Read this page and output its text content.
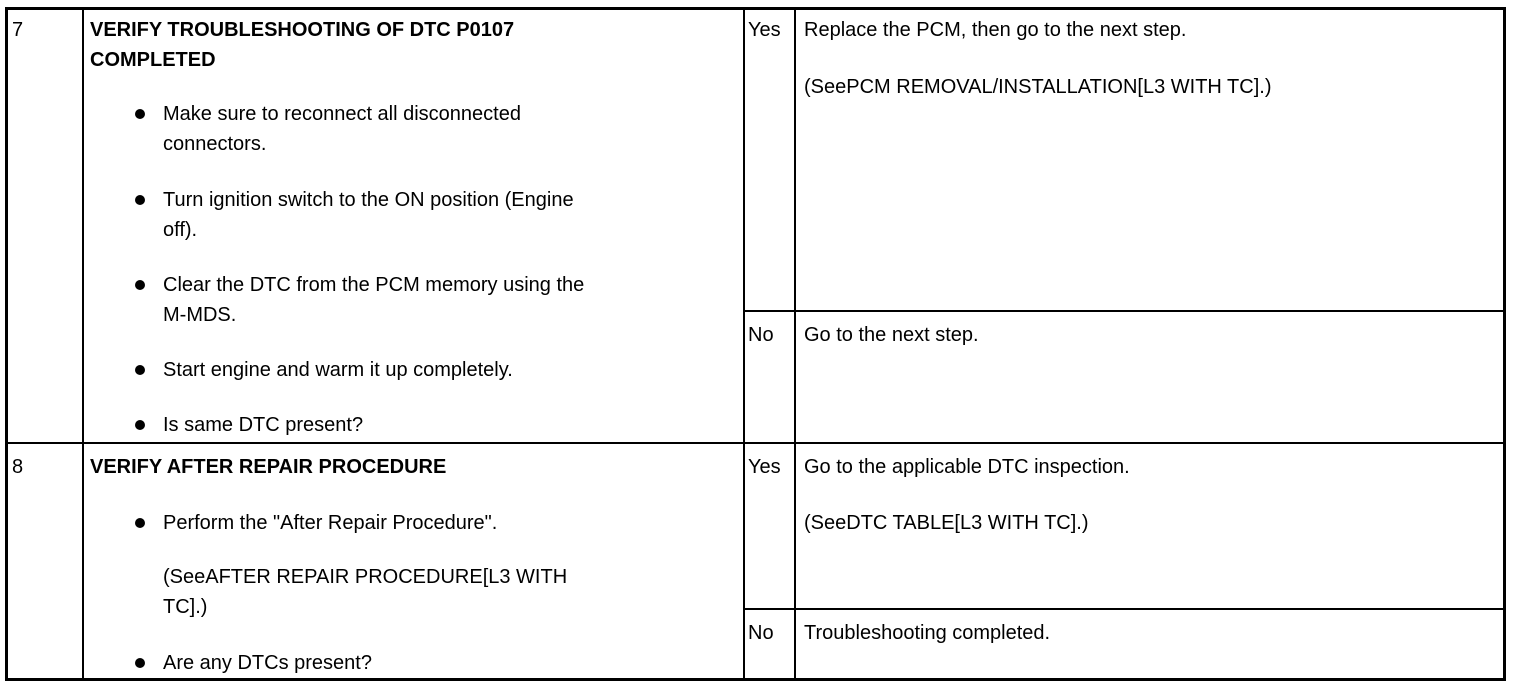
7	VERIFY TROUBLESHOOTING OF DTC P0107
COMPLETED
Make sure to reconnect all disconnected
connectors.
Turn ignition switch to the ON position (Engine
off).
Clear the DTC from the PCM memory using the
M-MDS.
Start engine and warm it up completely.
Is same DTC present?
Yes Replace the PCM, then go to the next step.
(SeePCM REMOVAL/INSTALLATION[L3 WITH TC].)
No Go to the next step.
8	VERIFY AFTER REPAIR PROCEDURE
Perform the "After Repair Procedure".
(SeeAFTER REPAIR PROCEDURE[L3 WITH
TC].)
Are any DTCs present?
Yes Go to the applicable DTC inspection.
(SeeDTC TABLE[L3 WITH TC].)
No Troubleshooting completed.
